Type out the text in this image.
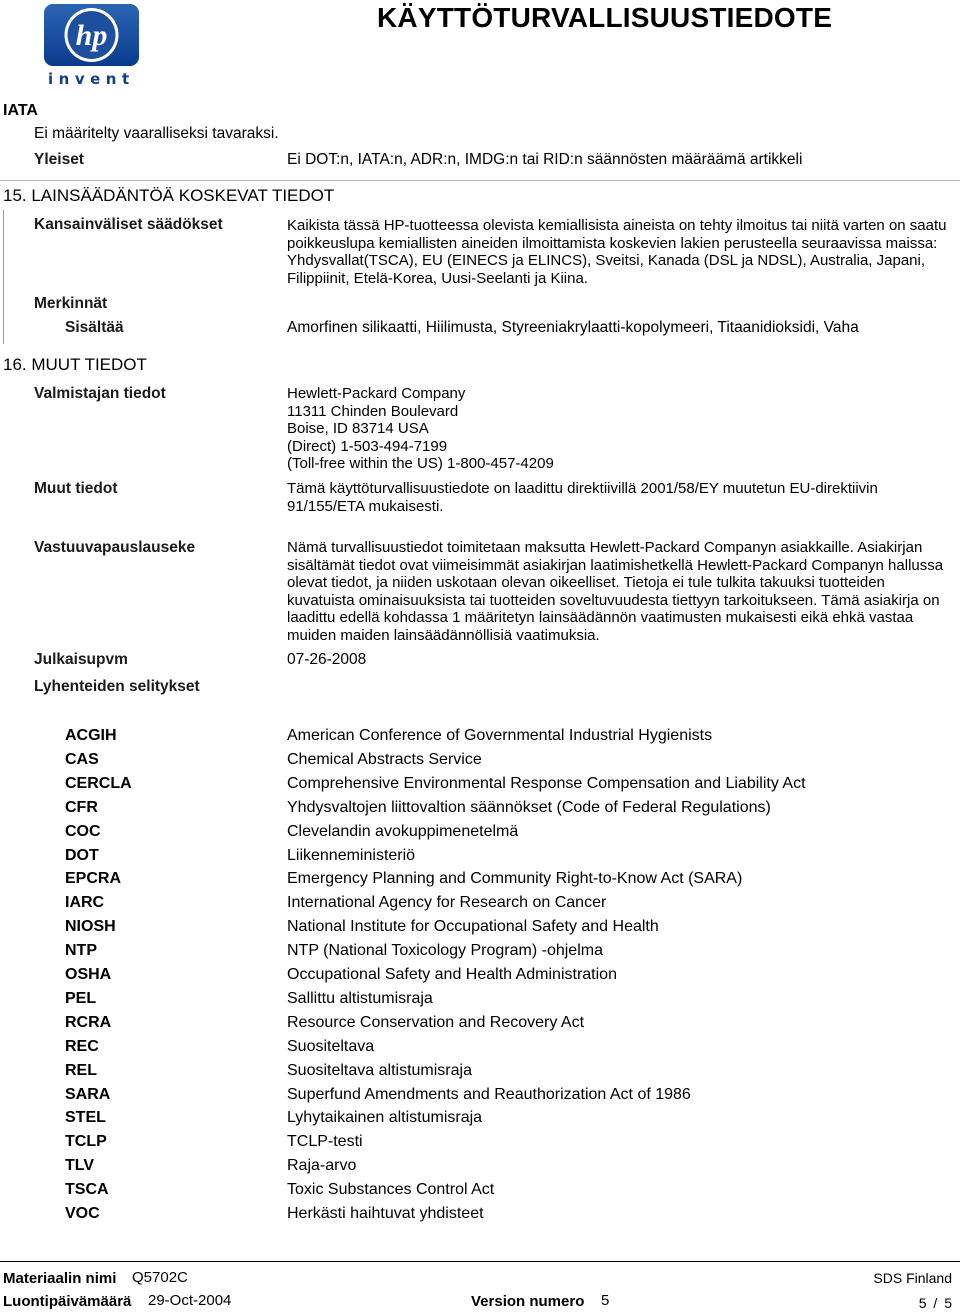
hp
invent
KÄYTTÖTURVALLISUUSTIEDOTE
IATA
Ei määritelty vaaralliseksi tavaraksi.
Yleiset	Ei DOT:n, IATA:n, ADR:n, IMDG:n tai RID:n säännösten määräämä artikkeli
15. LAINSÄÄDÄNTÖÄ KOSKEVAT TIEDOT
Kansainväliset säädökset	Kaikista tässä HP-tuotteessa olevista kemiallisista aineista on tehty ilmoitus tai niitä varten on saatu poikkeuslupa kemiallisten aineiden ilmoittamista koskevien lakien perusteella seuraavissa maissa: Yhdysvallat(TSCA), EU (EINECS ja ELINCS), Sveitsi, Kanada (DSL ja NDSL), Australia, Japani, Filippiinit, Etelä-Korea, Uusi-Seelanti ja Kiina.
Merkinnät
Sisältää	Amorfinen silikaatti, Hiilimusta, Styreeniakrylaatti-kopolymeeri, Titaanidioksidi, Vaha
16. MUUT TIEDOT
Valmistajan tiedot	Hewlett-Packard Company
11311 Chinden Boulevard
Boise, ID 83714 USA
(Direct) 1-503-494-7199
(Toll-free within the US) 1-800-457-4209
Muut tiedot	Tämä käyttöturvallisuustiedote on laadittu direktiivillä 2001/58/EY muutetun EU-direktiivin 91/155/ETA mukaisesti.
Vastuuvapauslauseke	Nämä turvallisuustiedot toimitetaan maksutta Hewlett-Packard Companyn asiakkaille. Asiakirjan sisältämät tiedot ovat viimeisimmät asiakirjan laatimishetkellä Hewlett-Packard Companyn hallussa olevat tiedot, ja niiden uskotaan olevan oikeelliset. Tietoja ei tule tulkita takuuksi tuotteiden kuvatuista ominaisuuksista tai tuotteiden soveltuvuudesta tiettyyn tarkoitukseen. Tämä asiakirja on laadittu edellä kohdassa 1 määritetyn lainsäädännön vaatimusten mukaisesti eikä ehkä vastaa muiden maiden lainsäädännöllisiä vaatimuksia.
Julkaisupvm	07-26-2008
Lyhenteiden selitykset
ACGIH	American Conference of Governmental Industrial Hygienists
CAS	Chemical Abstracts Service
CERCLA	Comprehensive Environmental Response Compensation and Liability Act
CFR	Yhdysvaltojen liittovaltion säännökset (Code of Federal Regulations)
COC	Clevelandin avokuppimenetelmä
DOT	Liikenneministeriö
EPCRA	Emergency Planning and Community Right-to-Know Act (SARA)
IARC	International Agency for Research on Cancer
NIOSH	National Institute for Occupational Safety and Health
NTP	NTP (National Toxicology Program) -ohjelma
OSHA	Occupational Safety and Health Administration
PEL	Sallittu altistumisraja
RCRA	Resource Conservation and Recovery Act
REC	Suositeltava
REL	Suositeltava altistumisraja
SARA	Superfund Amendments and Reauthorization Act of 1986
STEL	Lyhytaikainen altistumisraja
TCLP	TCLP-testi
TLV	Raja-arvo
TSCA	Toxic Substances Control Act
VOC	Herkästi haihtuvat yhdisteet
Materiaalin nimi Q5702C	SDS Finland
Luontipäivämäärä 29-Oct-2004	Version numero 5	5 / 5
